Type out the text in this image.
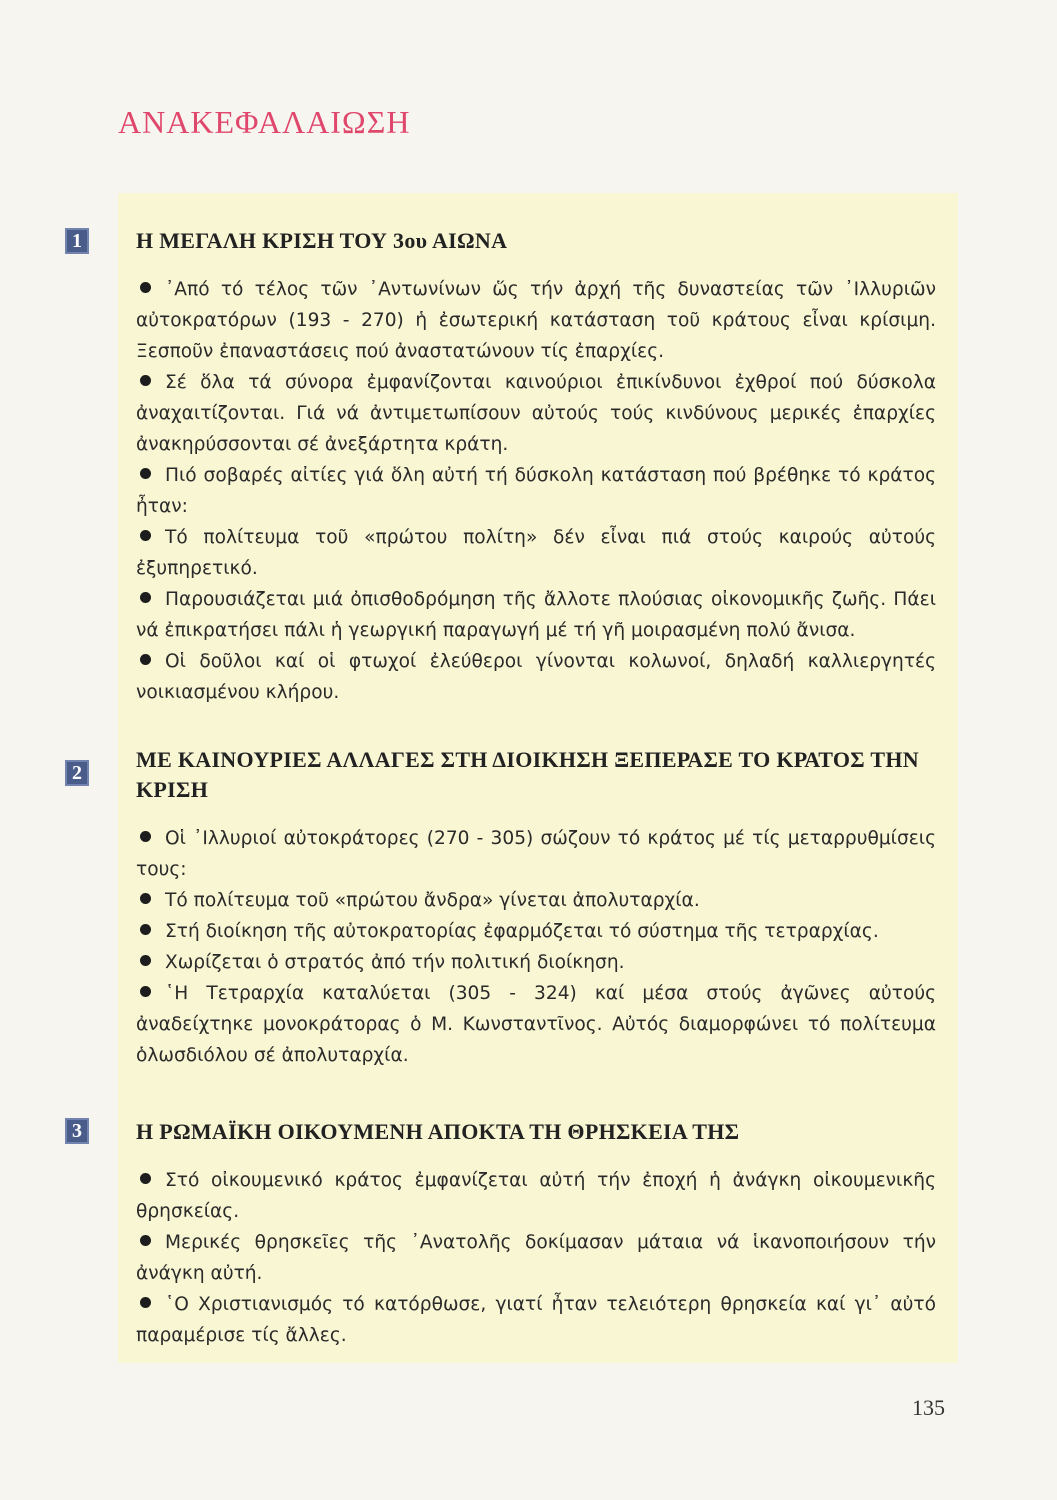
ΑΝΑΚΕΦΑΛΑΙΩΣΗ
1	Η ΜΕΓΑΛΗ ΚΡΙΣΗ ΤΟΥ 3ου ΑΙΩΝΑ
᾿Από τό τέλος τῶν ᾿Αντωνίνων ὥς τήν ἀρχή τῆς δυναστείας τῶν ᾿Ιλλυριῶν αὐτοκρατόρων (193 - 270) ἡ ἐσωτερική κατάσταση τοῦ κράτους εἶναι κρίσιμη. Ξεσποῦν ἐπαναστάσεις πού ἀναστατώνουν τίς ἐπαρχίες.
Σέ ὅλα τά σύνορα ἐμφανίζονται καινούριοι ἐπικίνδυνοι ἐχθροί πού δύσκολα ἀναχαιτίζονται. Γιά νά ἀντιμετωπίσουν αὐτούς τούς κινδύνους μερικές ἐπαρχίες ἀνακηρύσσονται σέ ἀνεξάρτητα κράτη.
Πιό σοβαρές αἰτίες γιά ὅλη αὐτή τή δύσκολη κατάσταση πού βρέθηκε τό κράτος ἦταν:
Τό πολίτευμα τοῦ «πρώτου πολίτη» δέν εἶναι πιά στούς καιρούς αὐτούς ἐξυπηρετικό.
Παρουσιάζεται μιά ὀπισθοδρόμηση τῆς ἄλλοτε πλούσιας οἰκονομικῆς ζωῆς. Πάει νά ἐπικρατήσει πάλι ἡ γεωργική παραγωγή μέ τή γῆ μοιρασμένη πολύ ἄνισα.
Οἱ δοῦλοι καί οἱ φτωχοί ἐλεύθεροι γίνονται κολωνοί, δηλαδή καλλιεργητές νοικιασμένου κλήρου.
2
ΜΕ ΚΑΙΝΟΥΡΙΕΣ ΑΛΛΑΓΕΣ ΣΤΗ ΔΙΟΙΚΗΣΗ ΞΕΠΕΡΑΣΕ ΤΟ ΚΡΑΤΟΣ ΤΗΝ ΚΡΙΣΗ
Οἱ ᾿Ιλλυριοί αὐτοκράτορες (270 - 305) σώζουν τό κράτος μέ τίς μεταρρυθμίσεις τους:
Τό πολίτευμα τοῦ «πρώτου ἄνδρα» γίνεται ἀπολυταρχία.
Στή διοίκηση τῆς αὐτοκρατορίας ἐφαρμόζεται τό σύστημα τῆς τετραρχίας.
Χωρίζεται ὁ στρατός ἀπό τήν πολιτική διοίκηση.
῾Η Τετραρχία καταλύεται (305 - 324) καί μέσα στούς ἀγῶνες αὐτούς ἀναδείχτηκε μονοκράτορας ὁ Μ. Κωνσταντῖνος. Αὐτός διαμορφώνει τό πολίτευμα ὁλωσδιόλου σέ ἀπολυταρχία.
3	Η ΡΩΜΑΪΚΗ ΟΙΚΟΥΜΕΝΗ ΑΠΟΚΤΑ ΤΗ ΘΡΗΣΚΕΙΑ ΤΗΣ
Στό οἰκουμενικό κράτος ἐμφανίζεται αὐτή τήν ἐποχή ἡ ἀνάγκη οἰκουμενικῆς θρησκείας.
Μερικές θρησκεῖες τῆς ᾿Ανατολῆς δοκίμασαν μάταια νά ἱκανοποιήσουν τήν ἀνάγκη αὐτή.
῾Ο Χριστιανισμός τό κατόρθωσε, γιατί ἦταν τελειότερη θρησκεία καί γι᾿ αὐτό παραμέρισε τίς ἄλλες.
135
